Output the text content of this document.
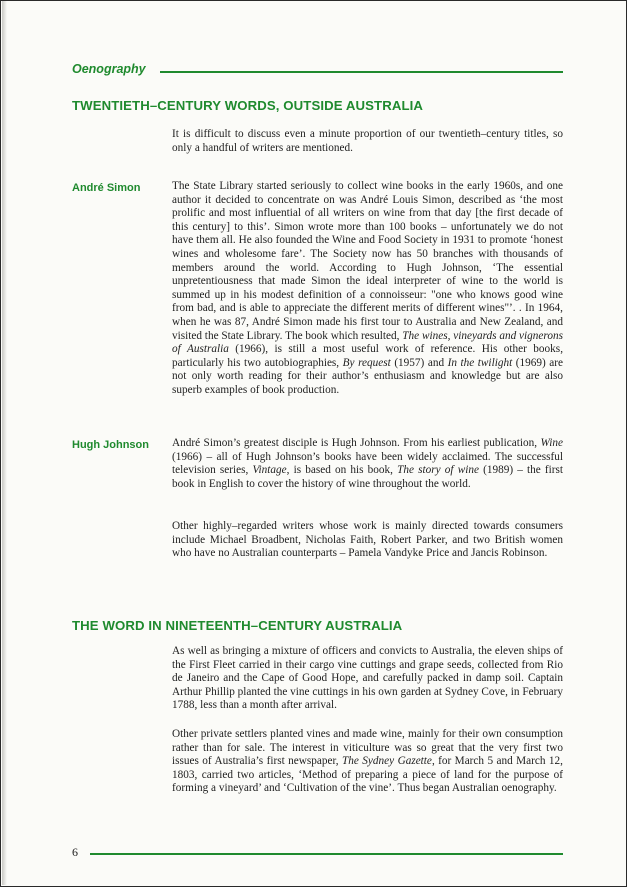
Oenography
TWENTIETH–CENTURY WORDS, OUTSIDE AUSTRALIA

It is difficult to discuss even a minute proportion of our twentieth–century titles, so only a handful of writers are mentioned.

André Simon	The State Library started seriously to collect wine books in the early 1960s, and one author it decided to concentrate on was André Louis Simon, described as ‘the most prolific and most influential of all writers on wine from that day [the first decade of this century] to this’. Simon wrote more than 100 books – unfortunately we do not have them all. He also founded the Wine and Food Society in 1931 to promote ‘honest wines and wholesome fare’. The Society now has 50 branches with thousands of members around the world. According to Hugh Johnson, ‘The essential unpretentiousness that made Simon the ideal interpreter of wine to the world is summed up in his modest definition of a connoisseur: "one who knows good wine from bad, and is able to appreciate the different merits of different wines"’. . In 1964, when he was 87, André Simon made his first tour to Australia and New Zealand, and visited the State Library. The book which resulted, The wines, vineyards and vignerons of Australia (1966), is still a most useful work of reference. His other books, particularly his two autobiographies, By request (1957) and In the twilight (1969) are not only worth reading for their author’s enthusiasm and knowledge but are also superb examples of book production.

Hugh Johnson André Simon’s greatest disciple is Hugh Johnson. From his earliest publication, Wine (1966) – all of Hugh Johnson’s books have been widely acclaimed. The successful television series, Vintage, is based on his book, The story of wine (1989) – the first book in English to cover the history of wine throughout the world.

Other highly–regarded writers whose work is mainly directed towards consumers include Michael Broadbent, Nicholas Faith, Robert Parker, and two British women who have no Australian counterparts – Pamela Vandyke Price and Jancis Robinson.

THE WORD IN NINETEENTH–CENTURY AUSTRALIA

As well as bringing a mixture of officers and convicts to Australia, the eleven ships of the First Fleet carried in their cargo vine cuttings and grape seeds, collected from Rio de Janeiro and the Cape of Good Hope, and carefully packed in damp soil. Captain Arthur Phillip planted the vine cuttings in his own garden at Sydney Cove, in February 1788, less than a month after arrival.

Other private settlers planted vines and made wine, mainly for their own consumption rather than for sale. The interest in viticulture was so great that the very first two issues of Australia’s first newspaper, The Sydney Gazette, for March 5 and March 12, 1803, carried two articles, ‘Method of preparing a piece of land for the purpose of forming a vineyard’ and ‘Cultivation of the vine’. Thus began Australian oenography.

6
